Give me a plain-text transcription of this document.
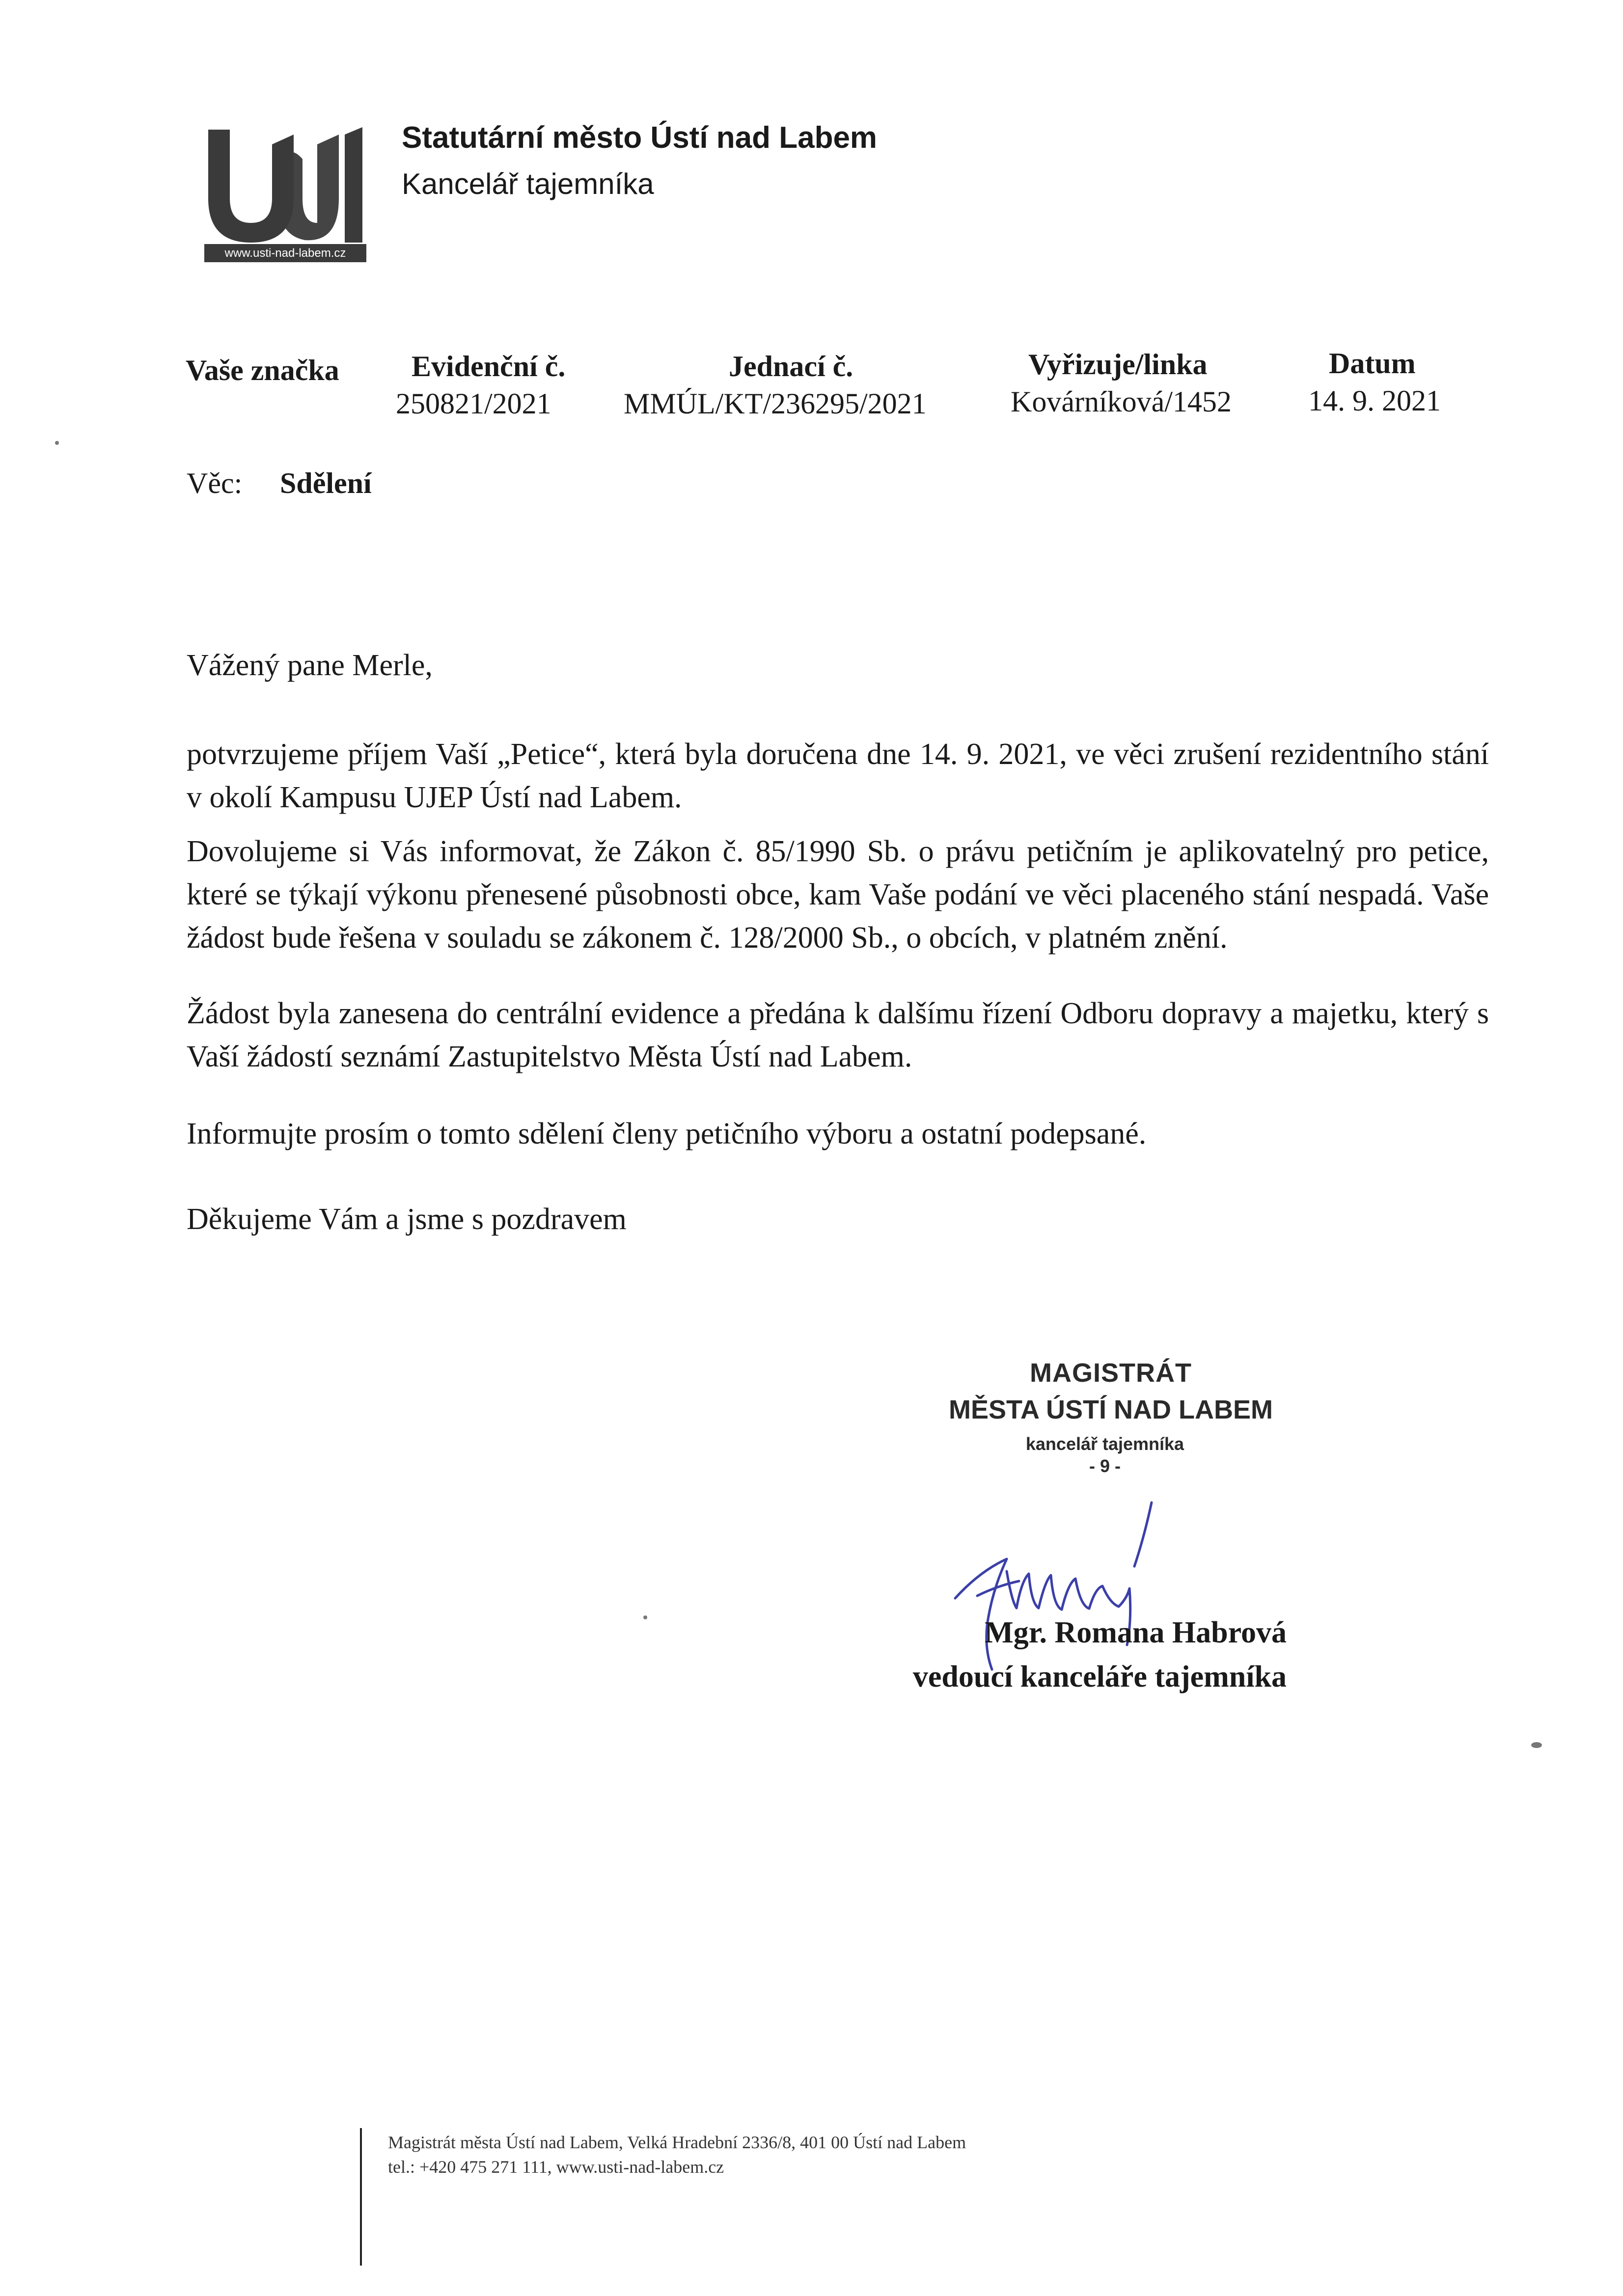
www.usti-nad-labem.cz
Statutární město Ústí nad Labem
Kancelář tajemníka
Vaše značka Evidenční č.
250821/2021
Jednací č.
MMÚL/KT/236295/2021
Vyřizuje/linka
Kovárníková/1452
Datum
14. 9. 2021
Věc: Sdělení
Vážený pane Merle,
potvrzujeme příjem Vaší „Petice“, která byla doručena dne 14. 9. 2021, ve věci zrušení rezidentního stání v okolí Kampusu UJEP Ústí nad Labem.
Dovolujeme si Vás informovat, že Zákon č. 85/1990 Sb. o právu petičním je aplikovatelný pro petice, které se týkají výkonu přenesené působnosti obce, kam Vaše podání ve věci placeného stání nespadá. Vaše žádost bude řešena v souladu se zákonem č. 128/2000 Sb., o obcích, v platném znění.
Žádost byla zanesena do centrální evidence a předána k dalšímu řízení Odboru dopravy a majetku, který s Vaší žádostí seznámí Zastupitelstvo Města Ústí nad Labem.
Informujte prosím o tomto sdělení členy petičního výboru a ostatní podepsané.
Děkujeme Vám a jsme s pozdravem
MAGISTRÁT
MĚSTA ÚSTÍ NAD LABEM
kancelář tajemníka
- 9 -
Mgr. Romana Habrová
vedoucí kanceláře tajemníka
Magistrát města Ústí nad Labem, Velká Hradební 2336/8, 401 00 Ústí nad Labem
tel.: +420 475 271 111, www.usti-nad-labem.cz
